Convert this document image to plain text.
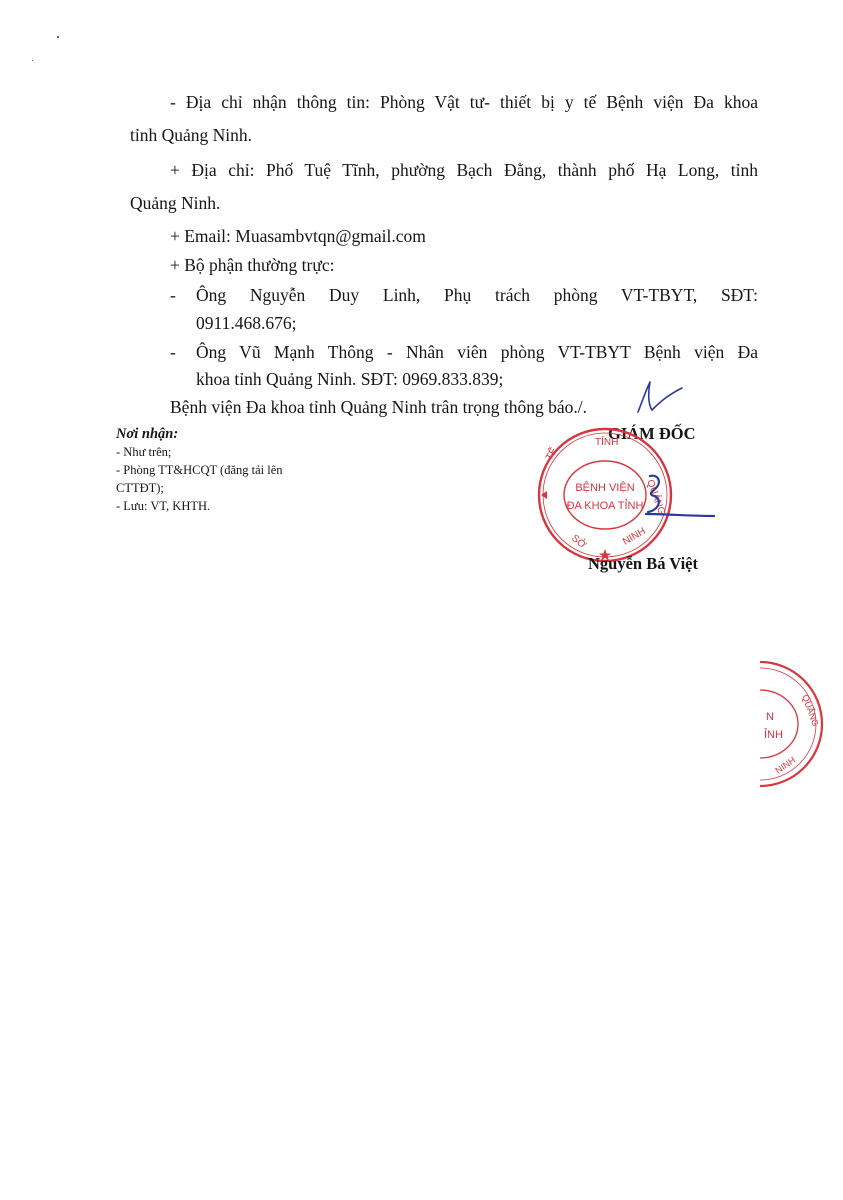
- Địa chỉ nhận thông tin: Phòng Vật tư- thiết bị y tế Bệnh viện Đa khoa
tỉnh Quảng Ninh.
+ Địa chỉ: Phố Tuệ Tĩnh, phường Bạch Đằng, thành phố Hạ Long, tỉnh
Quảng Ninh.
+ Email: Muasambvtqn@gmail.com
+ Bộ phận thường trực:
- Ông Nguyễn Duy Linh, Phụ trách phòng VT-TBYT, SĐT:
0911.468.676;
- Ông Vũ Mạnh Thông - Nhân viên phòng VT-TBYT Bệnh viện Đa
khoa tỉnh Quảng Ninh. SĐT: 0969.833.839;
Bệnh viện Đa khoa tỉnh Quảng Ninh trân trọng thông báo./.
Nơi nhận:
- Như trên;
- Phòng TT&HCQT (đăng tải lên
CTTĐT);
- Lưu: VT, KHTH.
GIÁM ĐỐC
TỈNH
QUẢNG
TẾ
NINH
SỞ
BỆNH VIỆN
ĐA KHOA TỈNH
Nguyễn Bá Việt
QUẢNG
NINH
N
ỈNH
